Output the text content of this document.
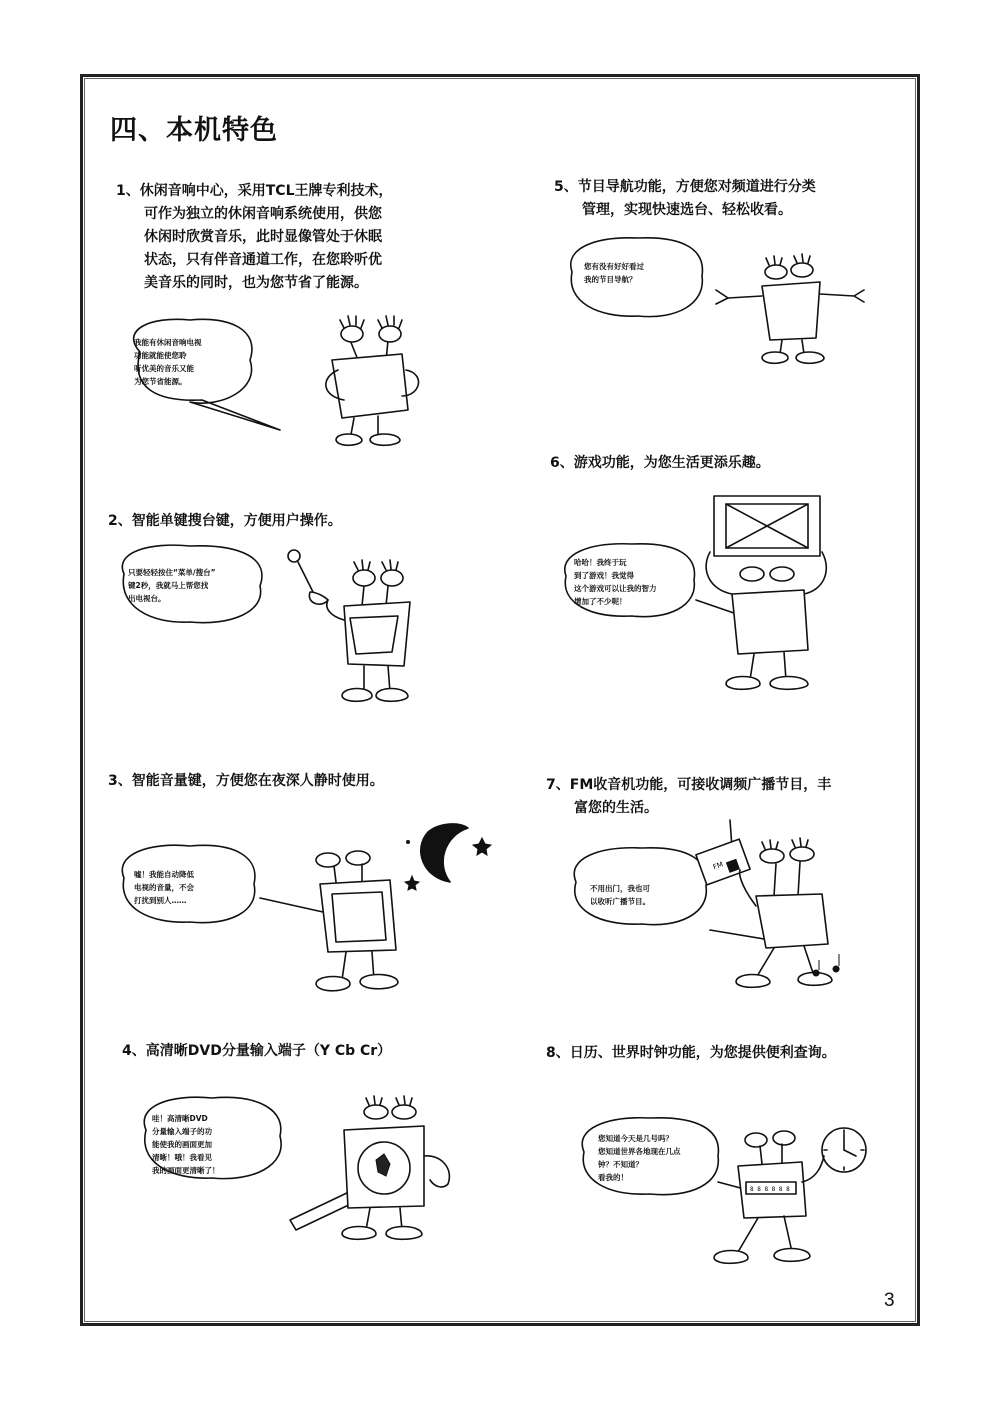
四、本机特色
1、休闲音响中心，采用TCL王牌专利技术，
可作为独立的休闲音响系统使用，供您
休闲时欣赏音乐，此时显像管处于休眠
状态，只有伴音通道工作，在您聆听优
美音乐的同时，也为您节省了能源。
2、智能单键搜台键，方便用户操作。
3、智能音量键，方便您在夜深人静时使用。
4、高清晰DVD分量输入端子（Y Cb Cr）
5、节目导航功能，方便您对频道进行分类
管理，实现快速选台、轻松收看。
6、游戏功能，为您生活更添乐趣。
7、FM收音机功能，可接收调频广播节目，丰
富您的生活。
8、日历、世界时钟功能，为您提供便利查询。
我能有休闲音响电视
功能就能使您聆
听优美的音乐又能
为您节省能源。
只要轻轻按住“菜单/搜台”
键2秒，我就马上帮您找
出电视台。
嘘！我能自动降低
电视的音量，不会
打扰到别人……
哇！高清晰DVD
分量输入端子的功
能使我的画面更加
清晰！哦！我看见
我的画面更清晰了！
您有没有好好看过
我的节目导航？
哈哈！我终于玩
到了游戏！我觉得
这个游戏可以让我的智力
增加了不少呢！
FM
不用出门，我也可
以收听广播节目。
8 8 8 8 8 8
您知道今天是几号吗？
您知道世界各地现在几点
钟？不知道？
看我的！
3
